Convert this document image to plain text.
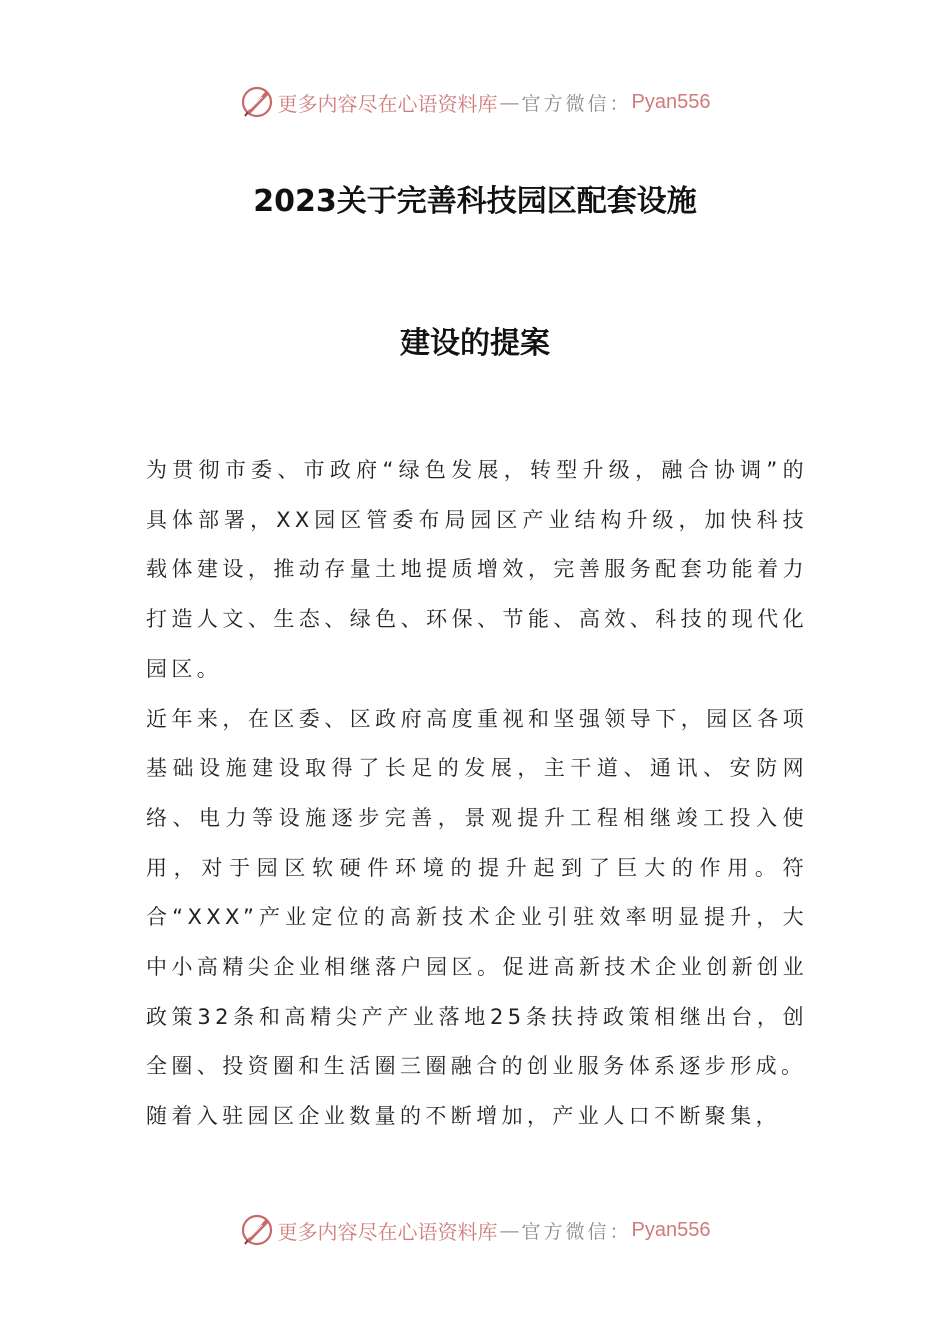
更多内容尽在心语资料库 — 官方微信： Pyan556
2023关于完善科技园区配套设施
建设的提案

为贯彻市委、市政府“绿色发展，转型升级，融合协调”的具体部署，XX园区管委布局园区产业结构升级，加快科技载体建设，推动存量土地提质增效，完善服务配套功能着力打造人文、生态、绿色、环保、节能、高效、科技的现代化园区。

近年来，在区委、区政府高度重视和坚强领导下，园区各项基础设施建设取得了长足的发展，主干道、通讯、安防网络、电力等设施逐步完善，景观提升工程相继竣工投入使用，对于园区软硬件环境的提升起到了巨大的作用。符合“XXX”产业定位的高新技术企业引驻效率明显提升，大中小高精尖企业相继落户园区。促进高新技术企业创新创业政策32条和高精尖产产业落地25条扶持政策相继出台，创全圈、投资圈和生活圈三圈融合的创业服务体系逐步形成。

随着入驻园区企业数量的不断增加，产业人口不断聚集，

更多内容尽在心语资料库 — 官方微信： Pyan556
